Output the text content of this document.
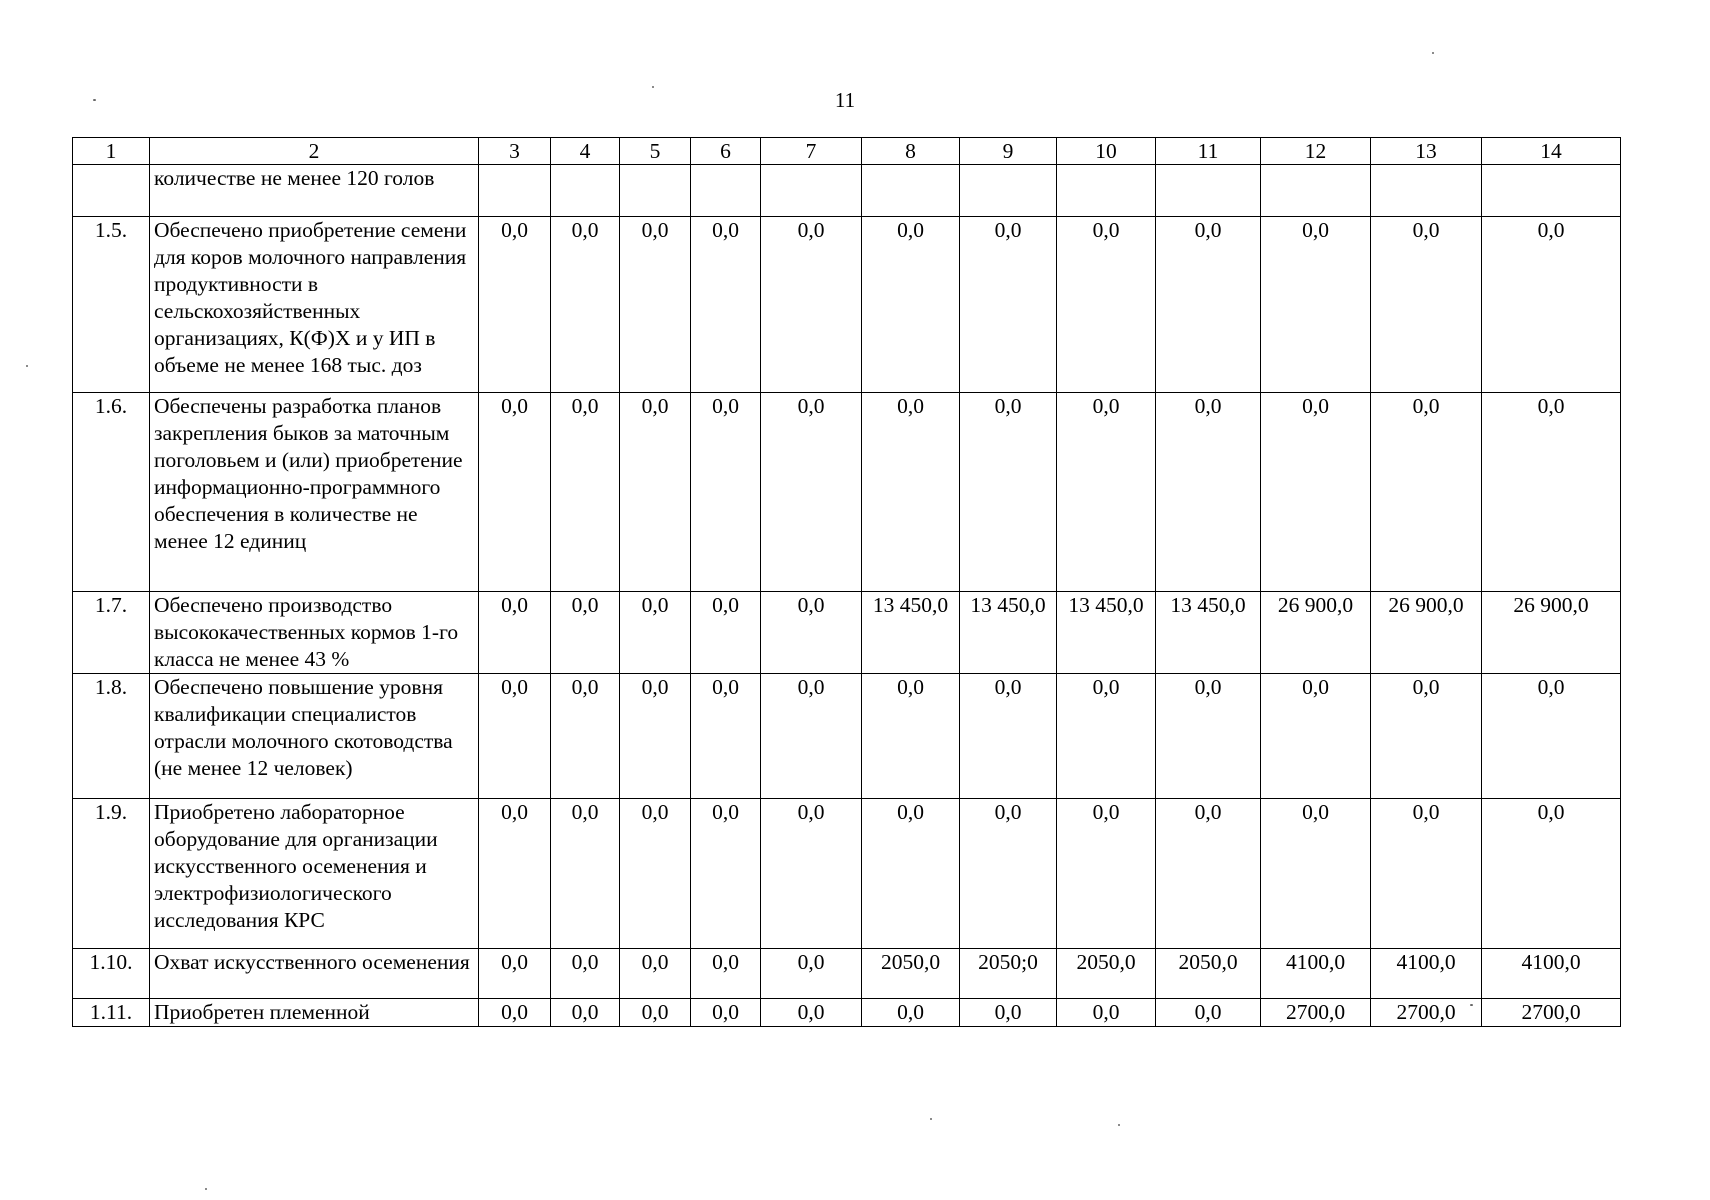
11
1	2	3	4	5	6	7	8	9	10	11	12	13	14
	количестве не менее 120 голов												
1.5.	Обеспечено приобретение семени для коров молочного направления продуктивности в сельскохозяйственных организациях, К(Ф)Х и у ИП в объеме не менее 168 тыс. доз	0,0	0,0	0,0	0,0	0,0	0,0	0,0	0,0	0,0	0,0	0,0	0,0
1.6.	Обеспечены разработка планов закрепления быков за маточным поголовьем и (или) приобретение информационно-программного обеспечения в количестве не менее 12 единиц	0,0	0,0	0,0	0,0	0,0	0,0	0,0	0,0	0,0	0,0	0,0	0,0
1.7.	Обеспечено производство высококачественных кормов 1-го класса не менее 43 %	0,0	0,0	0,0	0,0	0,0	13 450,0	13 450,0	13 450,0	13 450,0	26 900,0	26 900,0	26 900,0
1.8.	Обеспечено повышение уровня квалификации специалистов отрасли молочного скотоводства (не менее 12 человек)	0,0	0,0	0,0	0,0	0,0	0,0	0,0	0,0	0,0	0,0	0,0	0,0
1.9.	Приобретено лабораторное оборудование для организации искусственного осеменения и электрофизиологического исследования КРС	0,0	0,0	0,0	0,0	0,0	0,0	0,0	0,0	0,0	0,0	0,0	0,0
1.10.	Охват искусственного осеменения	0,0	0,0	0,0	0,0	0,0	2050,0	2050;0	2050,0	2050,0	4100,0	4100,0	4100,0
1.11.	Приобретен племенной	0,0	0,0	0,0	0,0	0,0	0,0	0,0	0,0	0,0	2700,0	2700,0	2700,0
